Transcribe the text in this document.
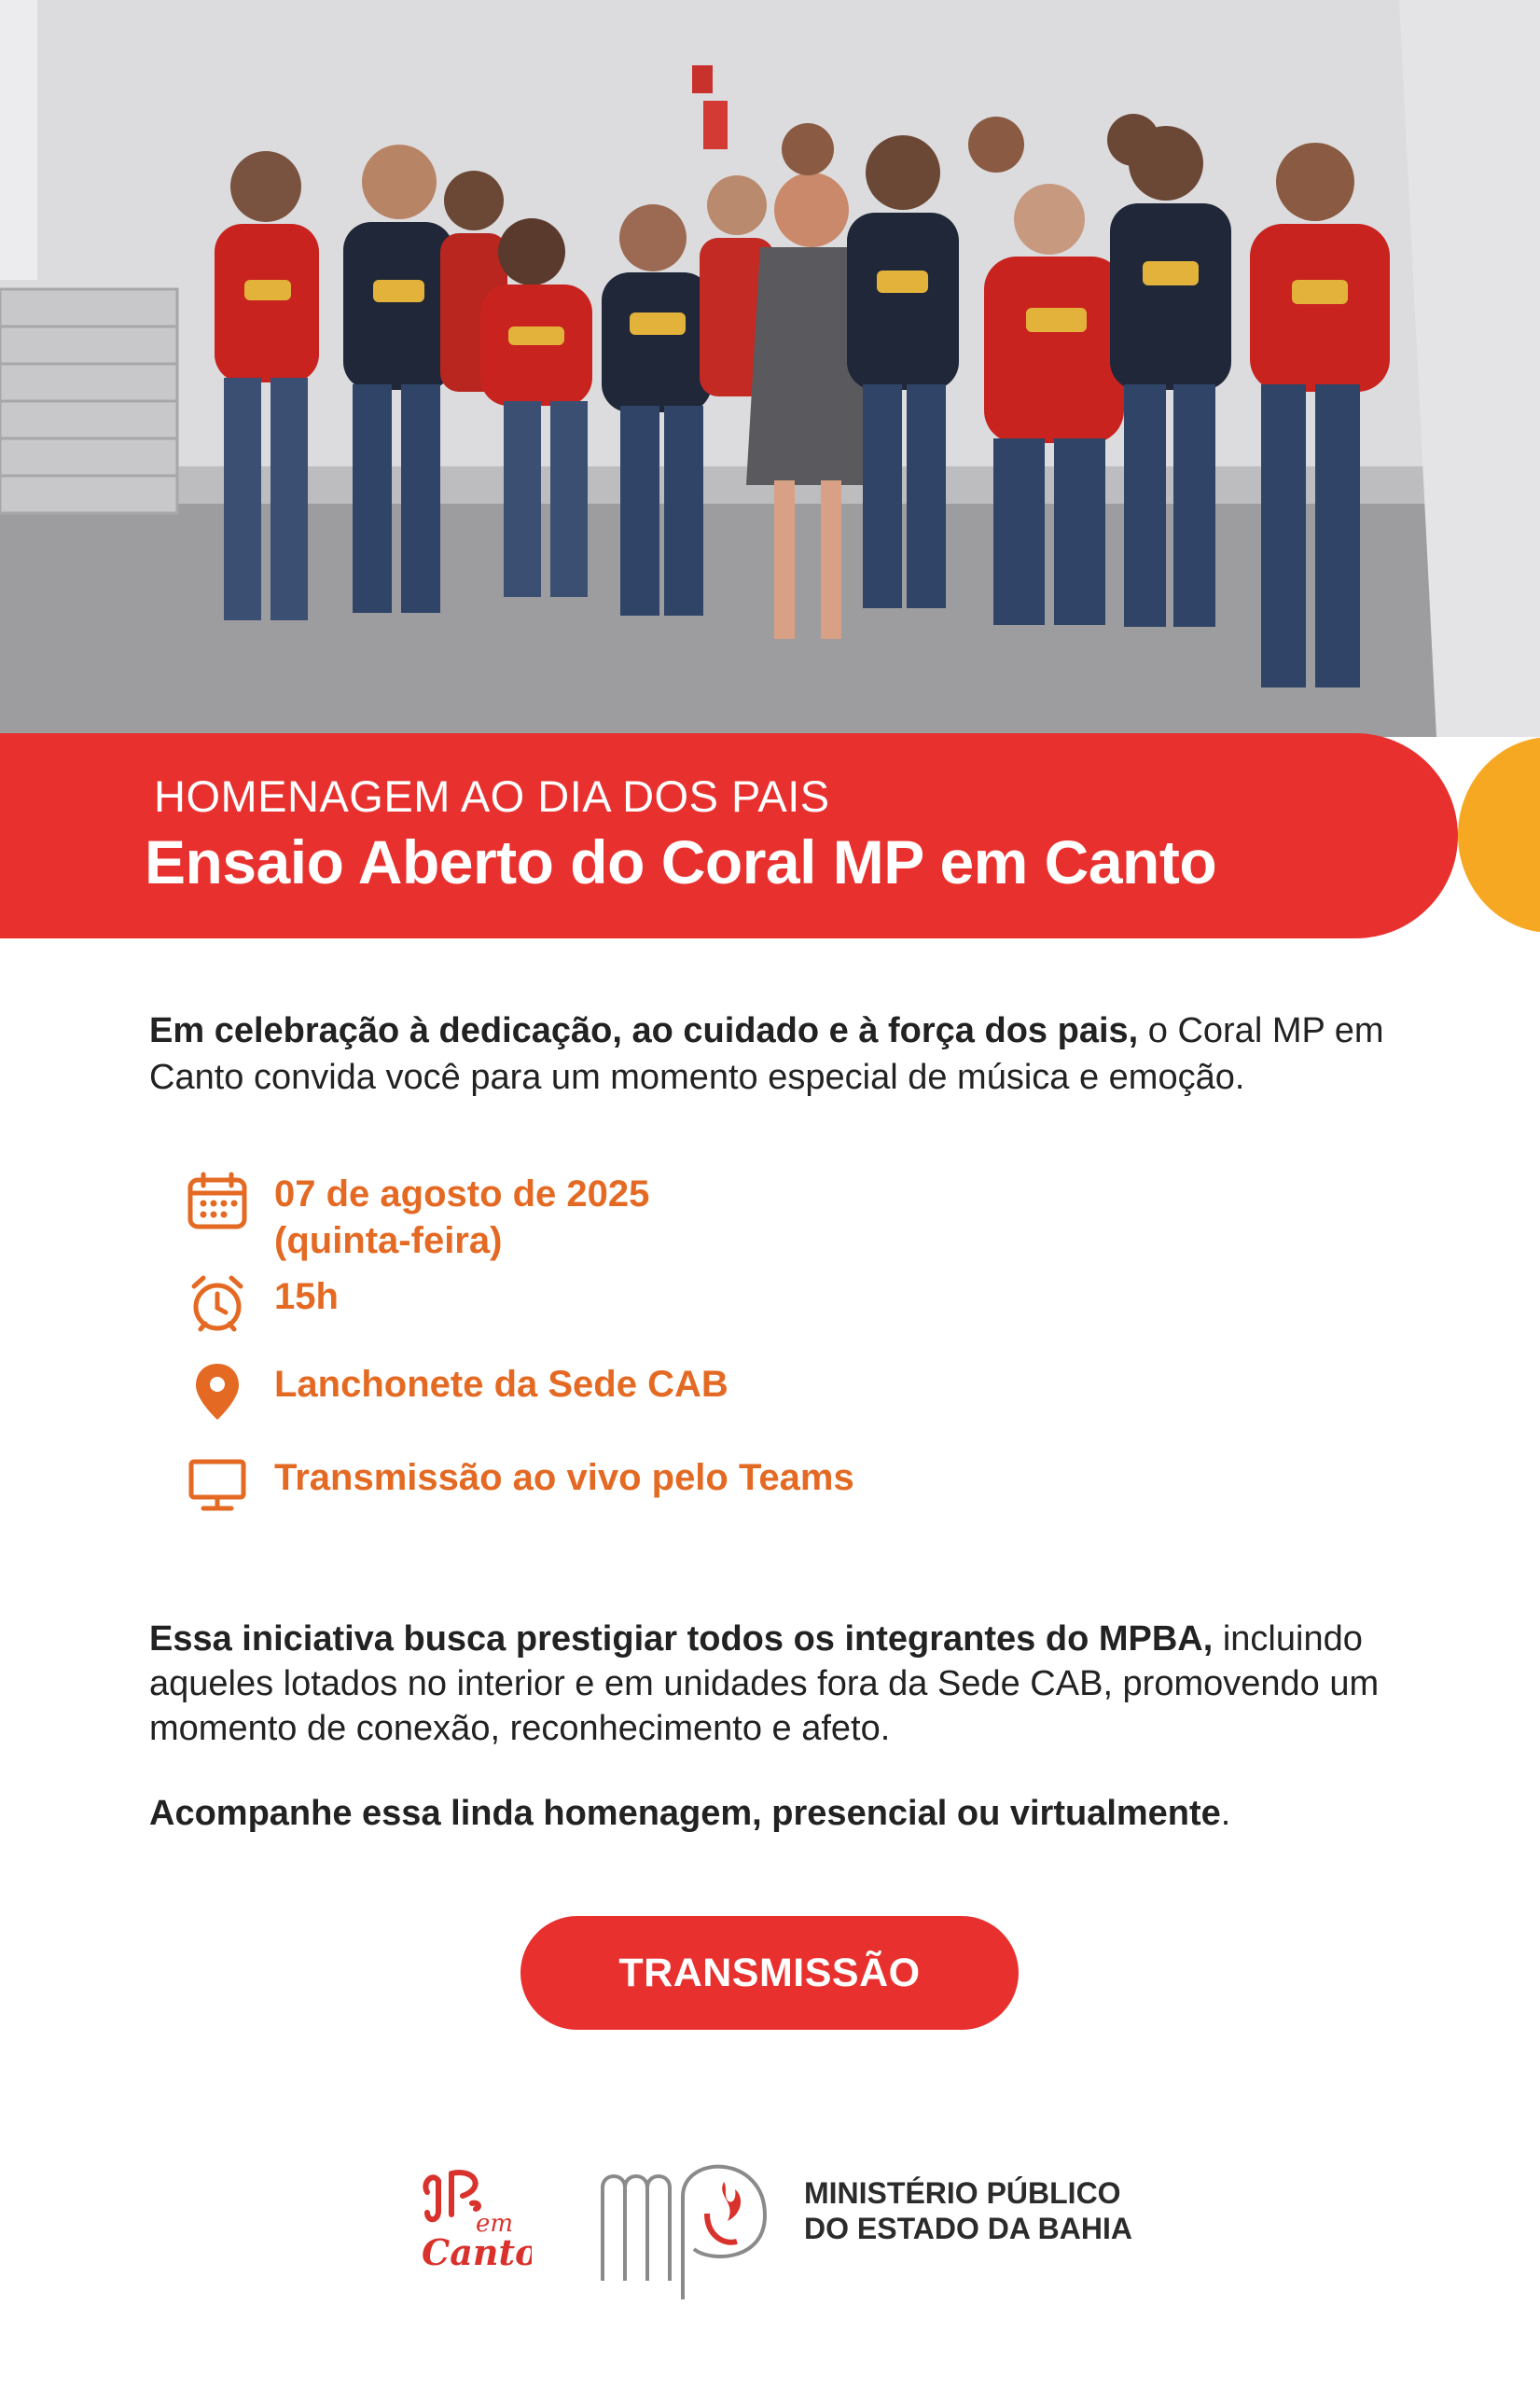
HOMENAGEM AO DIA DOS PAIS
Ensaio Aberto do Coral MP em Canto
Em celebração à dedicação, ao cuidado e à força dos pais, o Coral MP em Canto convida você para um momento especial de música e emoção.
07 de agosto de 2025
(quinta-feira)
15h
Lanchonete da Sede CAB
Transmissão ao vivo pelo Teams
Essa iniciativa busca prestigiar todos os integrantes do MPBA, incluindo aqueles lotados no interior e em unidades fora da Sede CAB, promovendo um momento de conexão, reconhecimento e afeto.
Acompanhe essa linda homenagem, presencial ou virtualmente.
TRANSMISSÃO
em
Canto
MINISTÉRIO PÚBLICO
DO ESTADO DA BAHIA
